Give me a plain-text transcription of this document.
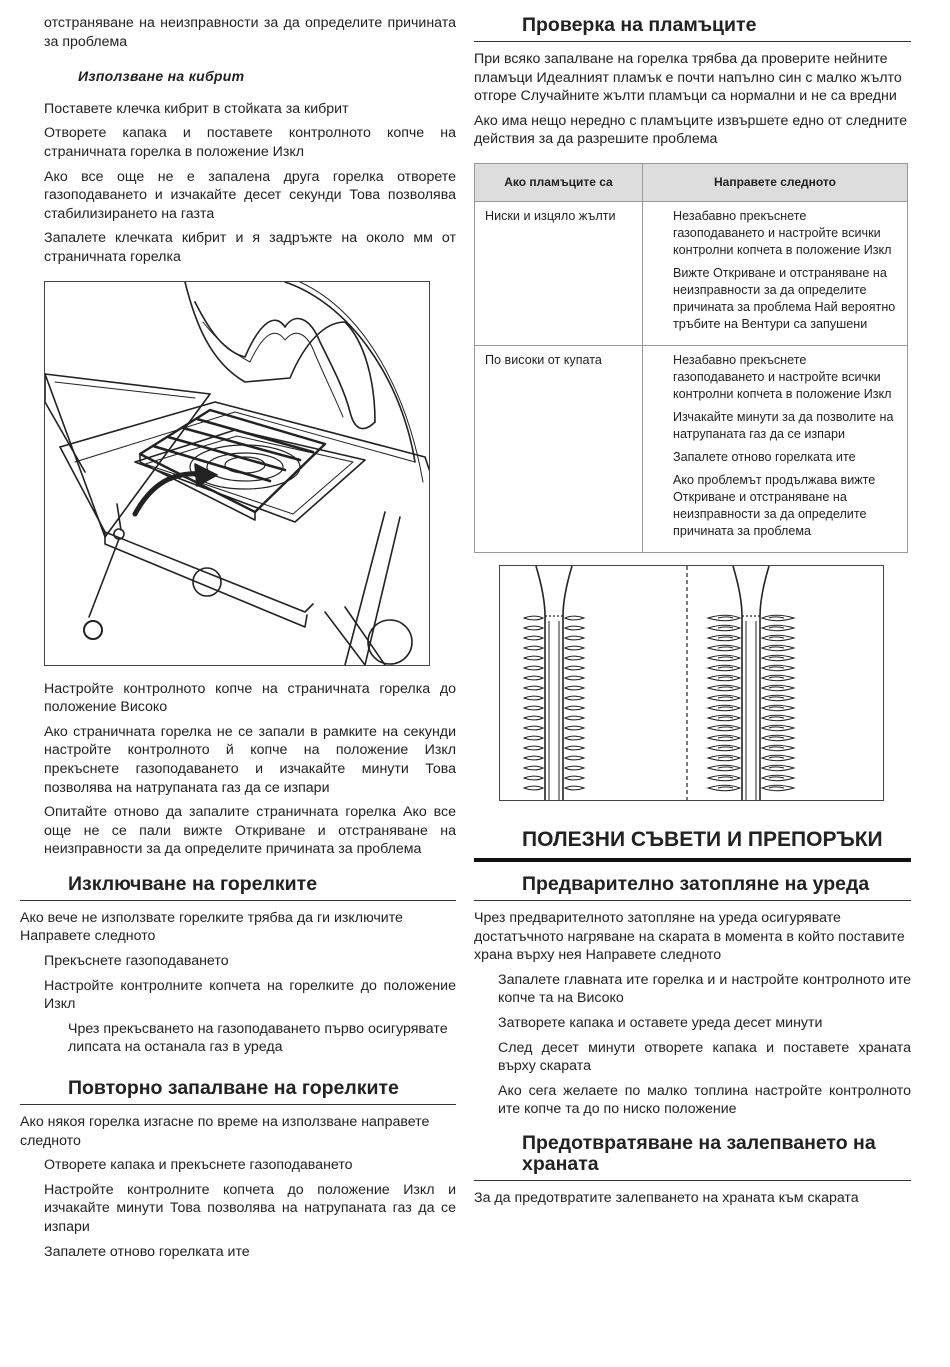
отстраняване на неизправности за да определите причината за проблема

Използване на кибрит

Поставете клечка кибрит в стойката за кибрит

Отворете капака и поставете контролното копче на страничната горелка в положение Изкл

Ако все още не е запалена друга горелка отворете газоподаването и изчакайте десет секунди Това позволява стабилизирането на газта

Запалете клечката кибрит и я задръжте на около мм от страничната горелка

Настройте контролното копче на страничната горелка до положение Високо

Ако страничната горелка не се запали в рамките на секунди настройте контролното й копче на положение Изкл прекъснете газоподаването и изчакайте минути Това позволява на натрупаната газ да се изпари

Опитайте отново да запалите страничната горелка Ако все още не се пали вижте Откриване и отстраняване на неизправности за да определите причината за проблема

Изключване на горелките

Ако вече не използвате горелките трябва да ги изключите Направете следното

Прекъснете газоподаването

Настройте контролните копчета на горелките до положение Изкл

Чрез прекъсването на газоподаването първо осигурявате липсата на останала газ в уреда

Повторно запалване на горелките

Ако някоя горелка изгасне по време на използване направете следното

Отворете капака и прекъснете газоподаването

Настройте контролните копчета до положение Изкл и изчакайте минути Това позволява на натрупаната газ да се изпари

Запалете отново горелката ите

Проверка на пламъците

При всяко запалване на горелка трябва да проверите нейните пламъци Идеалният пламък е почти напълно син с малко жълто отгоре Случайните жълти пламъци са нормални и не са вредни

Ако има нещо нередно с пламъците извършете едно от следните действия за да разрешите проблема

Ако пламъците са	Направете следното
Ниски и изцяло жълти	Незабавно прекъснете газоподаването и настройте всички контролни копчета в положение Изкл
Вижте Откриване и отстраняване на неизправности за да определите причината за проблема Най вероятно тръбите на Вентури са запушени

По високи от купата	Незабавно прекъснете газоподаването и настройте всички контролни копчета в положение Изкл
Изчакайте минути за да позволите на натрупаната газ да се изпари
Запалете отново горелката ите
Ако проблемът продължава вижте Откриване и отстраняване на неизправности за да определите причината за проблема
ПОЛЕЗНИ СЪВЕТИ И ПРЕПОРЪКИ
Предварително затопляне на уреда

Чрез предварителното затопляне на уреда осигурявате достатъчното нагряване на скарата в момента в който поставите храна върху нея Направете следното

Запалете главната ите горелка и и настройте контролното ите копче та на Високо

Затворете капака и оставете уреда десет минути

След десет минути отворете капака и поставете храната върху скарата

Ако сега желаете по малко топлина настройте контролното ите копче та до по ниско положение

Предотвратяване на залепването на храната

За да предотвратите залепването на храната към скарата
